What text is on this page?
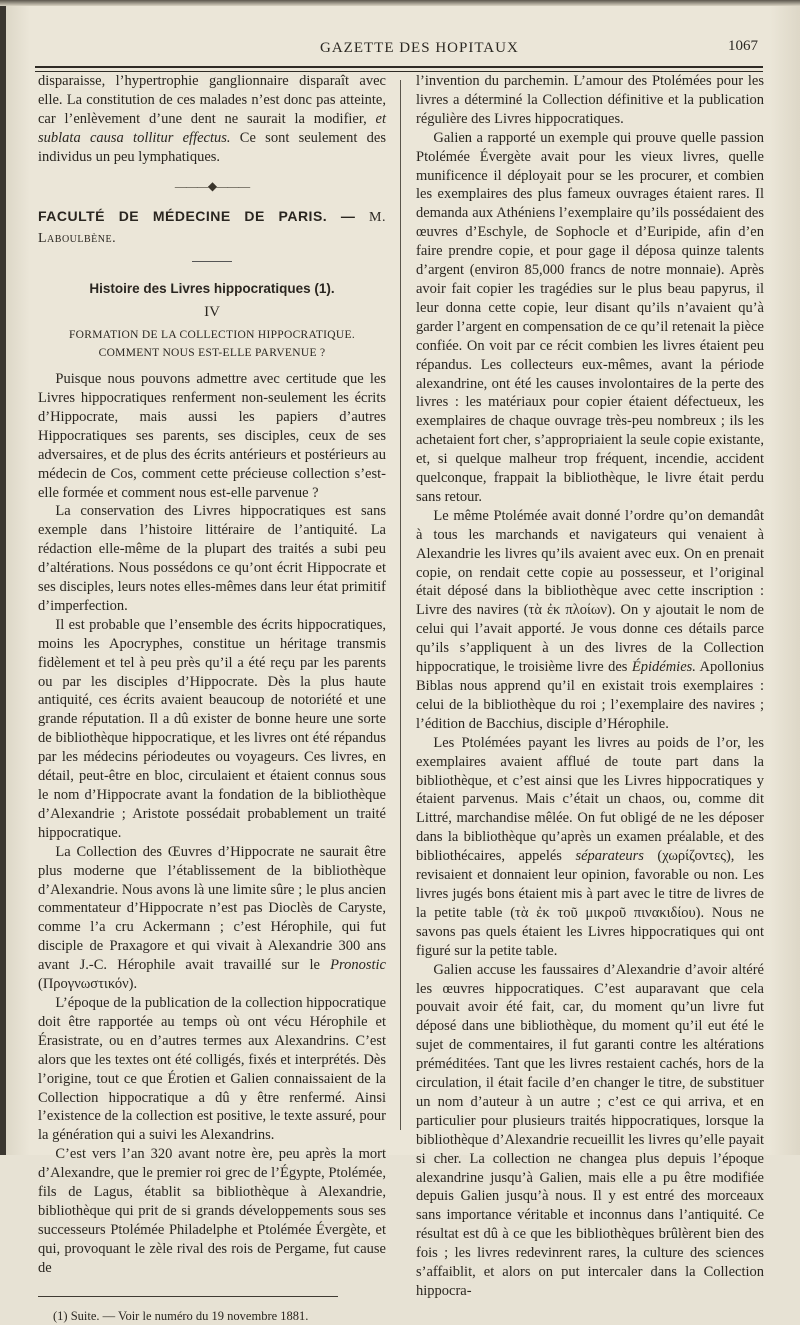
GAZETTE DES HOPITAUX	1067

disparaisse, l’hypertrophie ganglionnaire disparaît avec elle. La constitution de ces malades n’est donc pas atteinte, car l’enlèvement d’une dent ne saurait la modifier, et sublata causa tollitur effectus. Ce sont seulement des individus un peu lymphatiques.

———◆———

FACULTÉ DE MÉDECINE DE PARIS. — M. Laboulbène.

Histoire des Livres hippocratiques (1).

IV

FORMATION DE LA COLLECTION HIPPOCRATIQUE. COMMENT NOUS EST-ELLE PARVENUE ?

Puisque nous pouvons admettre avec certitude que les Livres hippocratiques renferment non-seulement les écrits d’Hippocrate, mais aussi les papiers d’autres Hippocratiques ses parents, ses disciples, ceux de ses adversaires, et de plus des écrits antérieurs et postérieurs au médecin de Cos, comment cette précieuse collection s’est-elle formée et comment nous est-elle parvenue ?

La conservation des Livres hippocratiques est sans exemple dans l’histoire littéraire de l’antiquité. La rédaction elle-même de la plupart des traités a subi peu d’altérations. Nous possédons ce qu’ont écrit Hippocrate et ses disciples, leurs notes elles-mêmes dans leur état primitif d’imperfection.

Il est probable que l’ensemble des écrits hippocratiques, moins les Apocryphes, constitue un héritage transmis fidèlement et tel à peu près qu’il a été reçu par les parents ou par les disciples d’Hippocrate. Dès la plus haute antiquité, ces écrits avaient beaucoup de notoriété et une grande réputation. Il a dû exister de bonne heure une sorte de bibliothèque hippocratique, et les livres ont été répandus par les médecins périodeutes ou voyageurs. Ces livres, en détail, peut-être en bloc, circulaient et étaient connus sous le nom d’Hippocrate avant la fondation de la bibliothèque d’Alexandrie ; Aristote possédait probablement un traité hippocratique.

La Collection des Œuvres d’Hippocrate ne saurait être plus moderne que l’établissement de la bibliothèque d’Alexandrie. Nous avons là une limite sûre ; le plus ancien commentateur d’Hippocrate n’est pas Dioclès de Caryste, comme l’a cru Ackermann ; c’est Hérophile, qui fut disciple de Praxagore et qui vivait à Alexandrie 300 ans avant J.-C. Hérophile avait travaillé sur le Pronostic (Προγνωστικόν).

L’époque de la publication de la collection hippocratique doit être rapportée au temps où ont vécu Hérophile et Érasistrate, ou en d’autres termes aux Alexandrins. C’est alors que les textes ont été colligés, fixés et interprétés. Dès l’origine, tout ce que Érotien et Galien connaissaient de la Collection hippocratique a dû y être renfermé. Ainsi l’existence de la collection est positive, le texte assuré, pour la génération qui a suivi les Alexandrins.

C’est vers l’an 320 avant notre ère, peu après la mort d’Alexandre, que le premier roi grec de l’Égypte, Ptolémée, fils de Lagus, établit sa bibliothèque à Alexandrie, bibliothèque qui prit de si grands développements sous ses successeurs Ptolémée Philadelphe et Ptolémée Évergète, et qui, provoquant le zèle rival des rois de Pergame, fut cause de

(1) Suite. — Voir le numéro du 19 novembre 1881.

l’invention du parchemin. L’amour des Ptolémées pour les livres a déterminé la Collection définitive et la publication régulière des Livres hippocratiques.

Galien a rapporté un exemple qui prouve quelle passion Ptolémée Évergète avait pour les vieux livres, quelle munificence il déployait pour se les procurer, et combien les exemplaires des plus fameux ouvrages étaient rares. Il demanda aux Athéniens l’exemplaire qu’ils possédaient des œuvres d’Eschyle, de Sophocle et d’Euripide, afin d’en faire prendre copie, et pour gage il déposa quinze talents d’argent (environ 85,000 francs de notre monnaie). Après avoir fait copier les tragédies sur le plus beau papyrus, il leur donna cette copie, leur disant qu’ils n’avaient qu’à garder l’argent en compensation de ce qu’il retenait la pièce confiée. On voit par ce récit combien les livres étaient peu répandus. Les collecteurs eux-mêmes, avant la période alexandrine, ont été les causes involontaires de la perte des livres : les matériaux pour copier étaient défectueux, les exemplaires de chaque ouvrage très-peu nombreux ; ils les achetaient fort cher, s’appropriaient la seule copie existante, et, si quelque malheur trop fréquent, incendie, accident quelconque, frappait la bibliothèque, le livre était perdu sans retour.

Le même Ptolémée avait donné l’ordre qu’on demandât à tous les marchands et navigateurs qui venaient à Alexandrie les livres qu’ils avaient avec eux. On en prenait copie, on rendait cette copie au possesseur, et l’original était déposé dans la bibliothèque avec cette inscription : Livre des navires (τὰ ἐκ πλοίων). On y ajoutait le nom de celui qui l’avait apporté. Je vous donne ces détails parce qu’ils s’appliquent à un des livres de la Collection hippocratique, le troisième livre des Épidémies. Apollonius Biblas nous apprend qu’il en existait trois exemplaires : celui de la bibliothèque du roi ; l’exemplaire des navires ; l’édition de Bacchius, disciple d’Hérophile.

Les Ptolémées payant les livres au poids de l’or, les exemplaires avaient afflué de toute part dans la bibliothèque, et c’est ainsi que les Livres hippocratiques y étaient parvenus. Mais c’était un chaos, ou, comme dit Littré, marchandise mêlée. On fut obligé de ne les déposer dans la bibliothèque qu’après un examen préalable, et des bibliothécaires, appelés séparateurs (χωρίζοντες), les revisaient et donnaient leur opinion, favorable ou non. Les livres jugés bons étaient mis à part avec le titre de livres de la petite table (τὰ ἐκ τοῦ μικροῦ πινακιδίου). Nous ne savons pas quels étaient les Livres hippocratiques qui ont figuré sur la petite table.

Galien accuse les faussaires d’Alexandrie d’avoir altéré les œuvres hippocratiques. C’est auparavant que cela pouvait avoir été fait, car, du moment qu’un livre fut déposé dans une bibliothèque, du moment qu’il eut été le sujet de commentaires, il fut garanti contre les altérations préméditées. Tant que les livres restaient cachés, hors de la circulation, il était facile d’en changer le titre, de substituer un nom d’auteur à un autre ; c’est ce qui arriva, et en particulier pour plusieurs traités hippocratiques, lorsque la bibliothèque d’Alexandrie recueillit les livres qu’elle payait si cher. La collection ne changea plus depuis l’époque alexandrine jusqu’à Galien, mais elle a pu être modifiée depuis Galien jusqu’à nous. Il y est entré des morceaux sans importance véritable et inconnus dans l’antiquité. Ce résultat est dû à ce que les bibliothèques brûlèrent bien des fois ; les livres redevinrent rares, la culture des sciences s’affaiblit, et alors on put intercaler dans la Collection hippocra-
